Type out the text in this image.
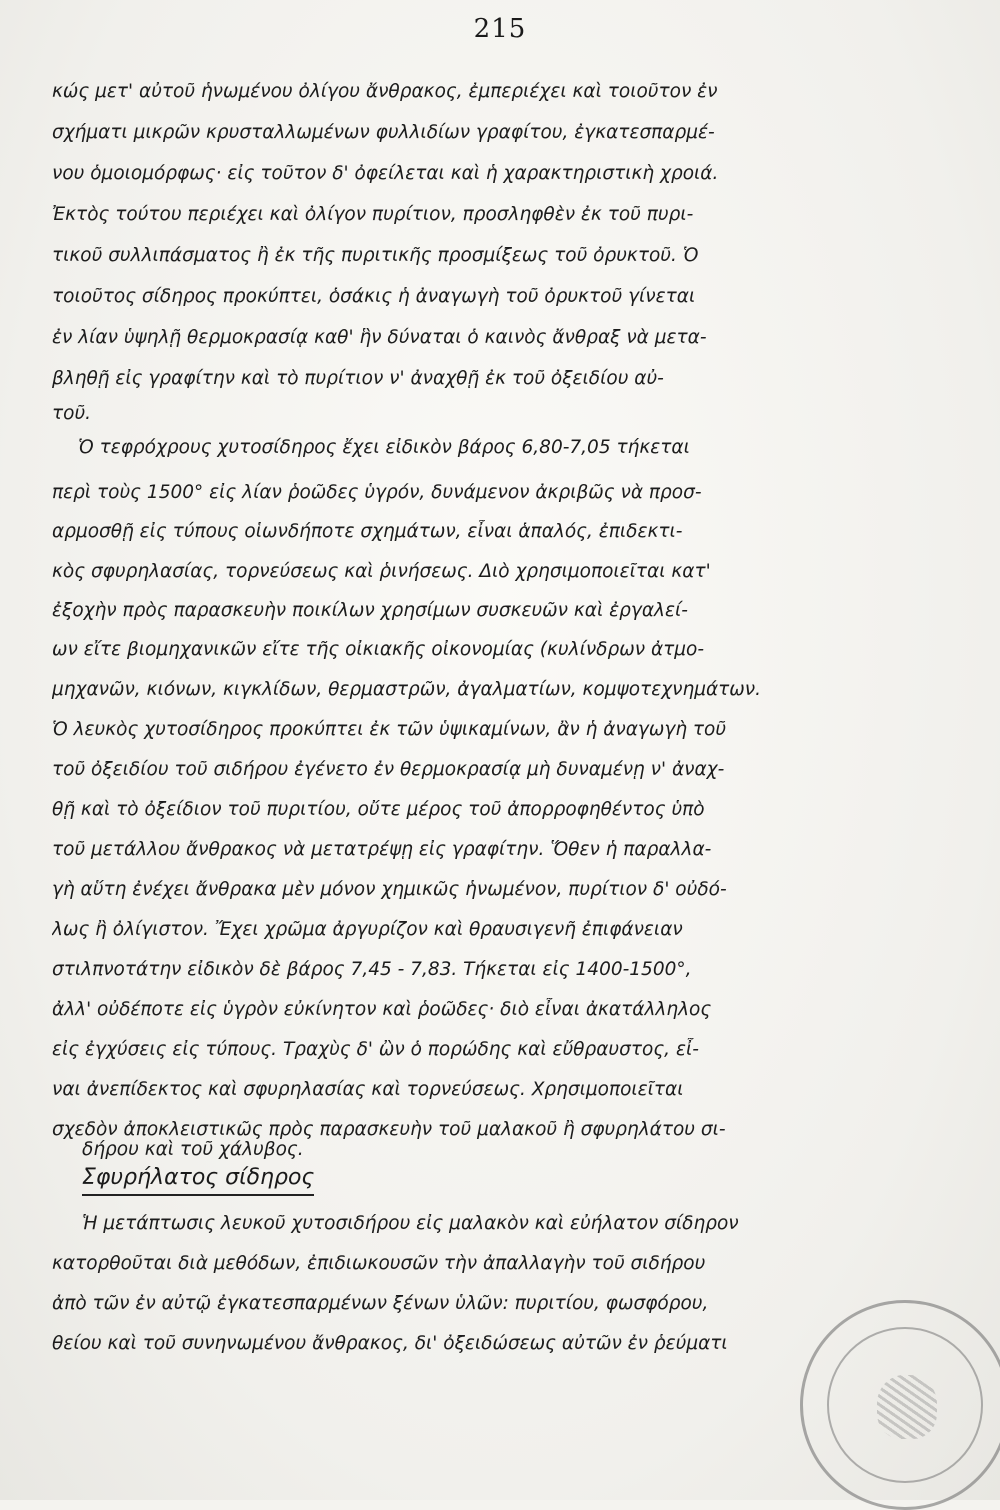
215
κώς μετ' αὐτοῦ ἡνωμένου ὀλίγου ἄνθρακος, ἐμπεριέχει καὶ τοιοῦτον ἐν
σχήματι μικρῶν κρυσταλλωμένων φυλλιδίων γραφίτου, ἐγκατεσπαρμέ-
νου ὁμοιομόρφως· εἰς τοῦτον δ' ὀφείλεται καὶ ἡ χαρακτηριστικὴ χροιά.
Ἐκτὸς τούτου περιέχει καὶ ὀλίγον πυρίτιον, προσληφθὲν ἐκ τοῦ πυρι-
τικοῦ συλλιπάσματος ἢ ἐκ τῆς πυριτικῆς προσμίξεως τοῦ ὀρυκτοῦ. Ὁ
τοιοῦτος σίδηρος προκύπτει, ὁσάκις ἡ ἀναγωγὴ τοῦ ὀρυκτοῦ γίνεται
ἐν λίαν ὑψηλῇ θερμοκρασίᾳ καθ' ἣν δύναται ὁ καινὸς ἄνθραξ νὰ μετα-
βληθῇ εἰς γραφίτην καὶ τὸ πυρίτιον ν' ἀναχθῇ ἐκ τοῦ ὀξειδίου αὐ-
τοῦ.
Ὁ τεφρόχρους χυτοσίδηρος ἔχει εἰδικὸν βάρος 6,80-7,05 τήκεται
περὶ τοὺς 1500° εἰς λίαν ῥοῶδες ὑγρόν, δυνάμενον ἀκριβῶς νὰ προσ-
αρμοσθῇ εἰς τύπους οἱωνδήποτε σχημάτων, εἶναι ἁπαλός, ἐπιδεκτι-
κὸς σφυρηλασίας, τορνεύσεως καὶ ῥινήσεως. Διὸ χρησιμοποιεῖται κατ'
ἐξοχὴν πρὸς παρασκευὴν ποικίλων χρησίμων συσκευῶν καὶ ἐργαλεί-
ων εἴτε βιομηχανικῶν εἴτε τῆς οἰκιακῆς οἰκονομίας (κυλίνδρων ἀτμο-
μηχανῶν, κιόνων, κιγκλίδων, θερμαστρῶν, ἀγαλματίων, κομψοτεχνημάτων.
Ὁ λευκὸς χυτοσίδηρος προκύπτει ἐκ τῶν ὑψικαμίνων, ἂν ἡ ἀναγωγὴ τοῦ
τοῦ ὀξειδίου τοῦ σιδήρου ἐγένετο ἐν θερμοκρασίᾳ μὴ δυναμένῃ ν' ἀναχ-
θῇ καὶ τὸ ὀξείδιον τοῦ πυριτίου, οὔτε μέρος τοῦ ἀπορροφηθέντος ὑπὸ
τοῦ μετάλλου ἄνθρακος νὰ μετατρέψῃ εἰς γραφίτην. Ὅθεν ἡ παραλλα-
γὴ αὕτη ἐνέχει ἄνθρακα μὲν μόνον χημικῶς ἡνωμένον, πυρίτιον δ' οὐδό-
λως ἢ ὀλίγιστον. Ἔχει χρῶμα ἀργυρίζον καὶ θραυσιγενῆ ἐπιφάνειαν
στιλπνοτάτην εἰδικὸν δὲ βάρος 7,45 - 7,83. Τήκεται εἰς 1400-1500°,
ἀλλ' οὐδέποτε εἰς ὑγρὸν εὐκίνητον καὶ ῥοῶδες· διὸ εἶναι ἀκατάλληλος
εἰς ἐγχύσεις εἰς τύπους. Τραχὺς δ' ὢν ὁ πορώδης καὶ εὔθραυστος, εἶ-
ναι ἀνεπίδεκτος καὶ σφυρηλασίας καὶ τορνεύσεως. Χρησιμοποιεῖται
σχεδὸν ἀποκλειστικῶς πρὸς παρασκευὴν τοῦ μαλακοῦ ἢ σφυρηλάτου σι-
δήρου καὶ τοῦ χάλυβος.
Σφυρήλατος σίδηρος
Ἡ μετάπτωσις λευκοῦ χυτοσιδήρου εἰς μαλακὸν καὶ εὐήλατον σίδηρον
κατορθοῦται διὰ μεθόδων, ἐπιδιωκουσῶν τὴν ἀπαλλαγὴν τοῦ σιδήρου
ἀπὸ τῶν ἐν αὐτῷ ἐγκατεσπαρμένων ξένων ὑλῶν: πυριτίου, φωσφόρου,
θείου καὶ τοῦ συνηνωμένου ἄνθρακος, δι' ὀξειδώσεως αὐτῶν ἐν ῥεύματι
